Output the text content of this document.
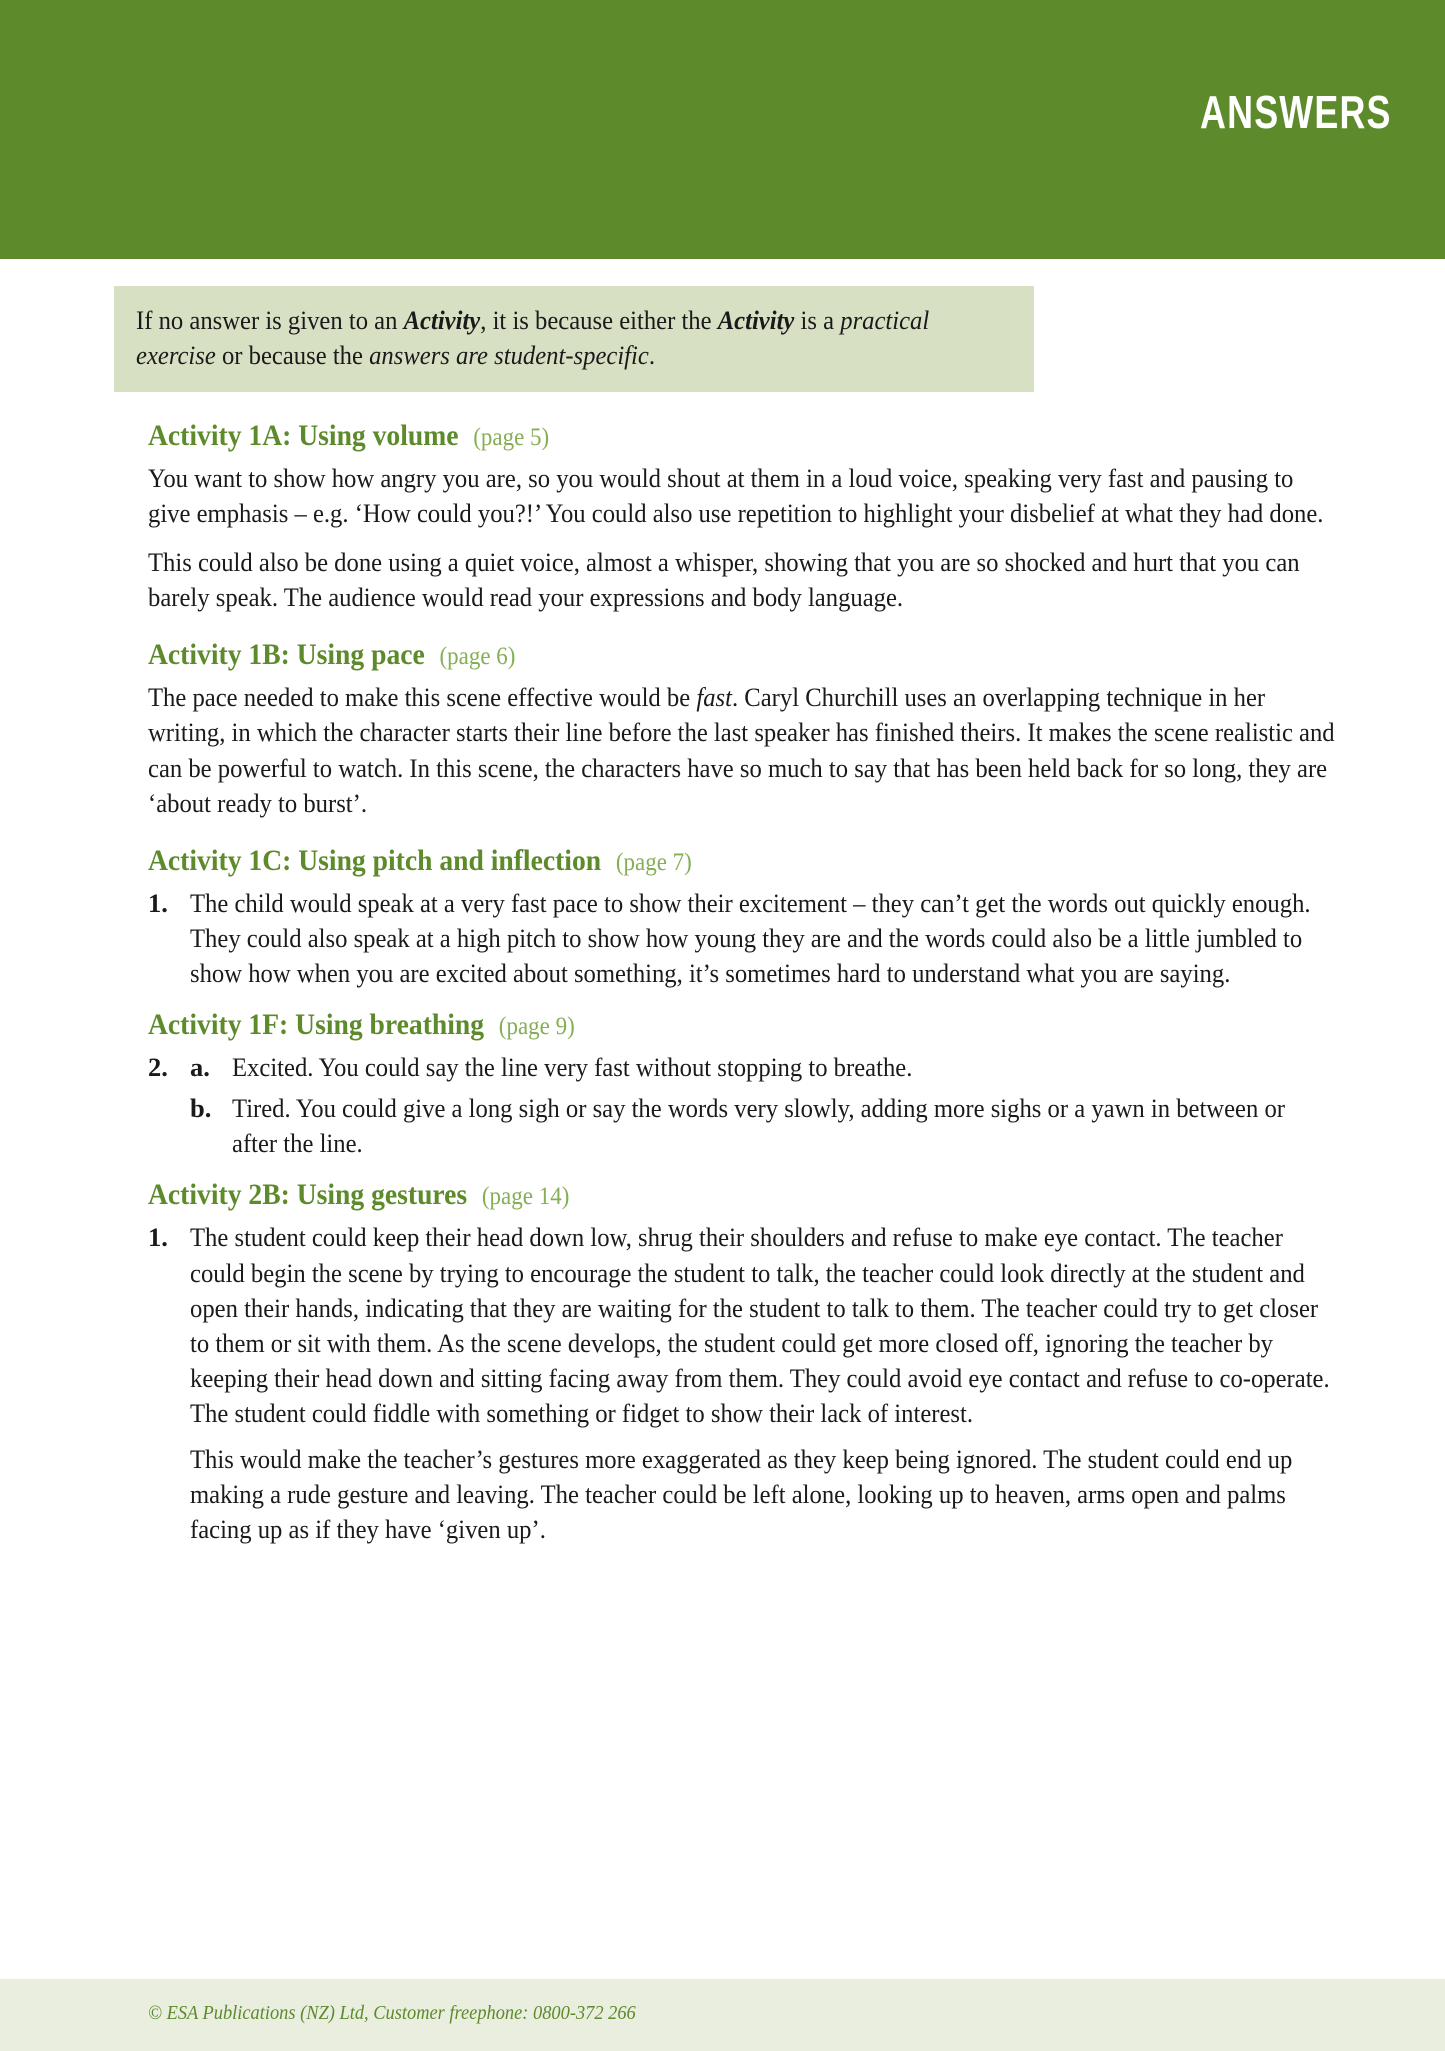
ANSWERS
If no answer is given to an Activity, it is because either the Activity is a practical exercise or because the answers are student-specific.
Activity 1A: Using volume (page 5)

You want to show how angry you are, so you would shout at them in a loud voice, speaking very fast and pausing to give emphasis – e.g. ‘How could you?!’ You could also use repetition to highlight your disbelief at what they had done.

This could also be done using a quiet voice, almost a whisper, showing that you are so shocked and hurt that you can barely speak. The audience would read your expressions and body language.

Activity 1B: Using pace (page 6)

The pace needed to make this scene effective would be fast. Caryl Churchill uses an overlapping technique in her writing, in which the character starts their line before the last speaker has finished theirs. It makes the scene realistic and can be powerful to watch. In this scene, the characters have so much to say that has been held back for so long, they are ‘about ready to burst’.

Activity 1C: Using pitch and inflection (page 7)
1. The child would speak at a very fast pace to show their excitement – they can’t get the words out quickly enough. They could also speak at a high pitch to show how young they are and the words could also be a little jumbled to show how when you are excited about something, it’s sometimes hard to understand what you are saying.

Activity 1F: Using breathing (page 9)
2. a. Excited. You could say the line very fast without stopping to breathe.

b. Tired. You could give a long sigh or say the words very slowly, adding more sighs or a yawn in between or after the line.

Activity 2B: Using gestures (page 14)
1. The student could keep their head down low, shrug their shoulders and refuse to make eye contact. The teacher could begin the scene by trying to encourage the student to talk, the teacher could look directly at the student and open their hands, indicating that they are waiting for the student to talk to them. The teacher could try to get closer to them or sit with them. As the scene develops, the student could get more closed off, ignoring the teacher by keeping their head down and sitting facing away from them. They could avoid eye contact and refuse to co-operate. The student could fiddle with something or fidget to show their lack of interest.

This would make the teacher’s gestures more exaggerated as they keep being ignored. The student could end up making a rude gesture and leaving. The teacher could be left alone, looking up to heaven, arms open and palms facing up as if they have ‘given up’.

© ESA Publications (NZ) Ltd, Customer freephone: 0800-372 266
